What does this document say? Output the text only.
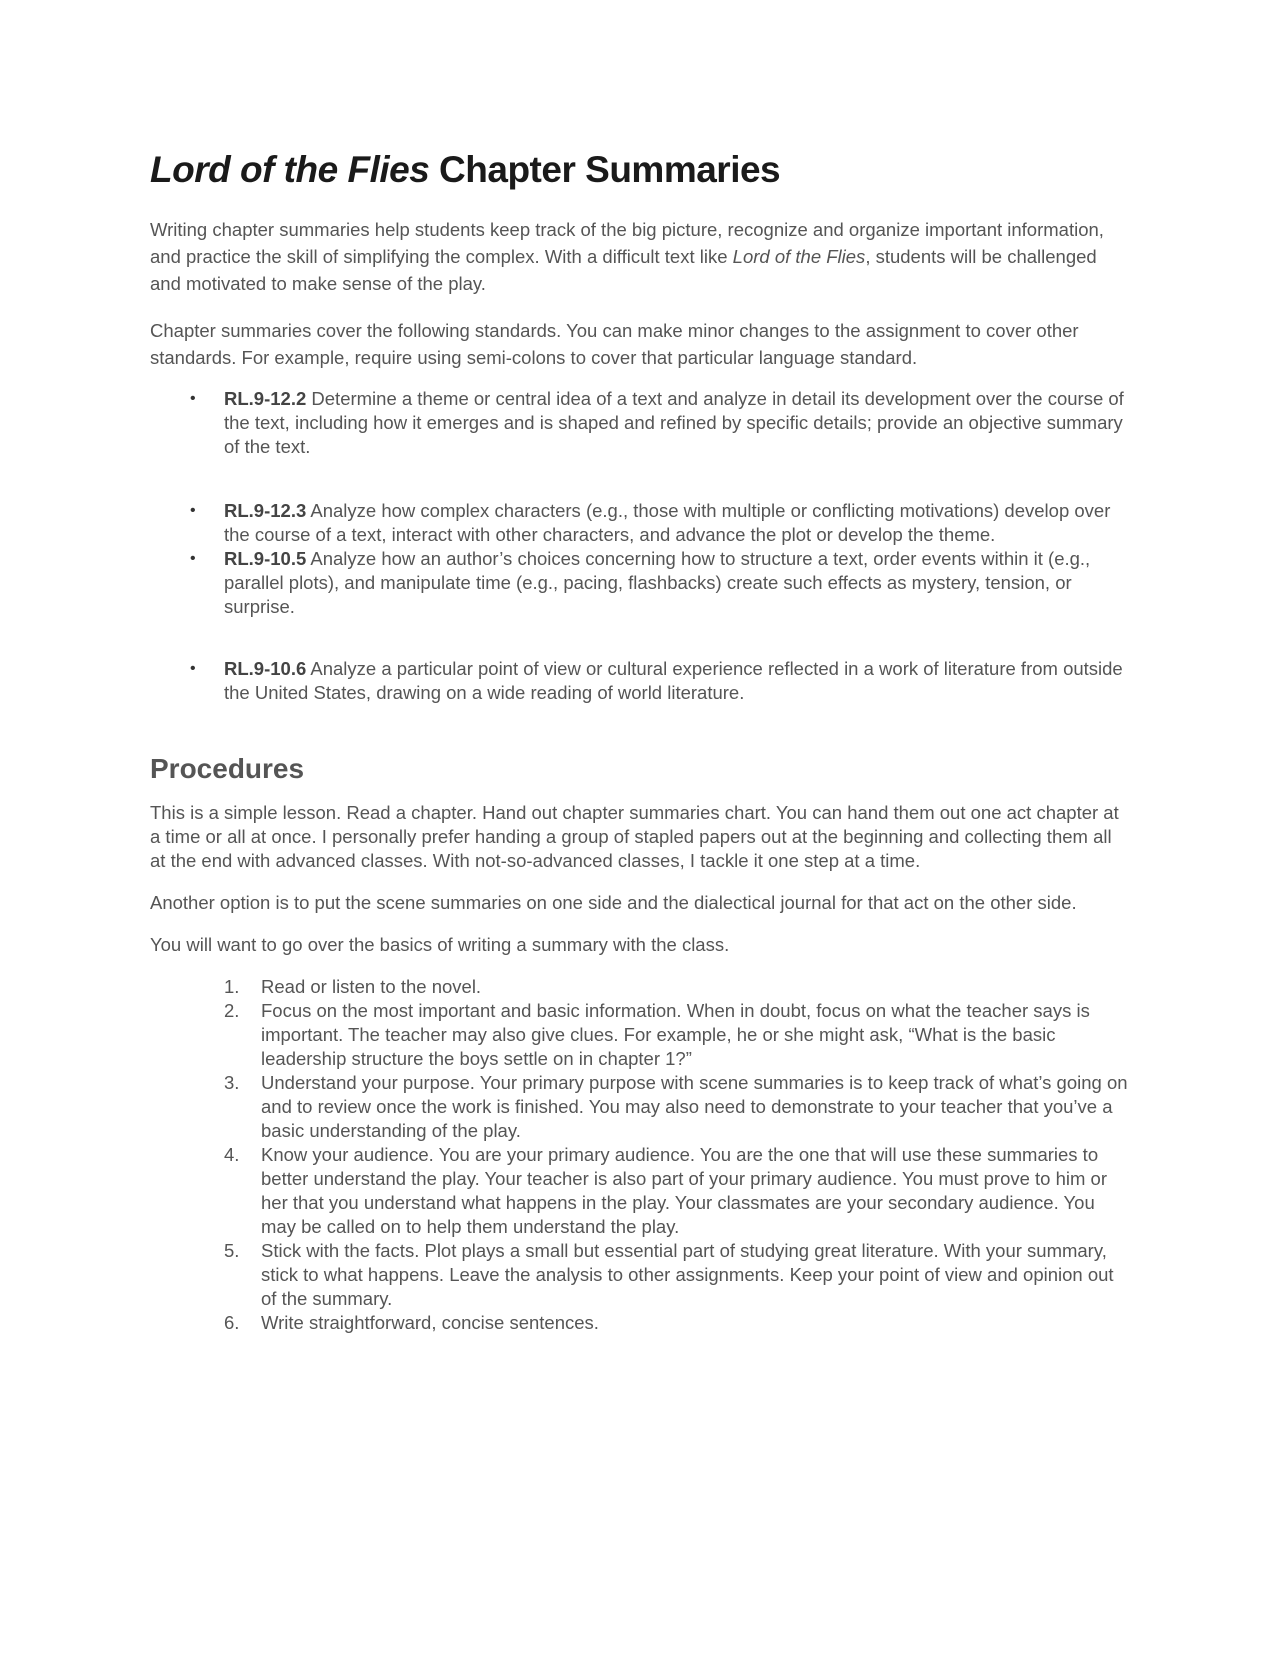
Lord of the Flies Chapter Summaries

Writing chapter summaries help students keep track of the big picture, recognize and organize important information, and practice the skill of simplifying the complex. With a difficult text like Lord of the Flies, students will be challenged and motivated to make sense of the play.

Chapter summaries cover the following standards. You can make minor changes to the assignment to cover other standards. For example, require using semi-colons to cover that particular language standard.

• RL.9-12.2 Determine a theme or central idea of a text and analyze in detail its development over the course of the text, including how it emerges and is shaped and refined by specific details; provide an objective summary of the text.
• RL.9-12.3 Analyze how complex characters (e.g., those with multiple or conflicting motivations) develop over the course of a text, interact with other characters, and advance the plot or develop the theme.
• RL.9-10.5 Analyze how an author’s choices concerning how to structure a text, order events within it (e.g., parallel plots), and manipulate time (e.g., pacing, flashbacks) create such effects as mystery, tension, or surprise.
• RL.9-10.6 Analyze a particular point of view or cultural experience reflected in a work of literature from outside the United States, drawing on a wide reading of world literature.
Procedures

This is a simple lesson. Read a chapter. Hand out chapter summaries chart. You can hand them out one act chapter at a time or all at once. I personally prefer handing a group of stapled papers out at the beginning and collecting them all at the end with advanced classes. With not-so-advanced classes, I tackle it one step at a time.

Another option is to put the scene summaries on one side and the dialectical journal for that act on the other side.

You will want to go over the basics of writing a summary with the class.

1.	Read or listen to the novel.
2.	Focus on the most important and basic information. When in doubt, focus on what the teacher says is important. The teacher may also give clues. For example, he or she might ask, “What is the basic leadership structure the boys settle on in chapter 1?”
3.	Understand your purpose. Your primary purpose with scene summaries is to keep track of what’s going on and to review once the work is finished. You may also need to demonstrate to your teacher that you’ve a basic understanding of the play.
4.	Know your audience. You are your primary audience. You are the one that will use these summaries to better understand the play. Your teacher is also part of your primary audience. You must prove to him or her that you understand what happens in the play. Your classmates are your secondary audience. You may be called on to help them understand the play.
5.	Stick with the facts. Plot plays a small but essential part of studying great literature. With your summary, stick to what happens. Leave the analysis to other assignments. Keep your point of view and opinion out of the summary.
6.	Write straightforward, concise sentences.
